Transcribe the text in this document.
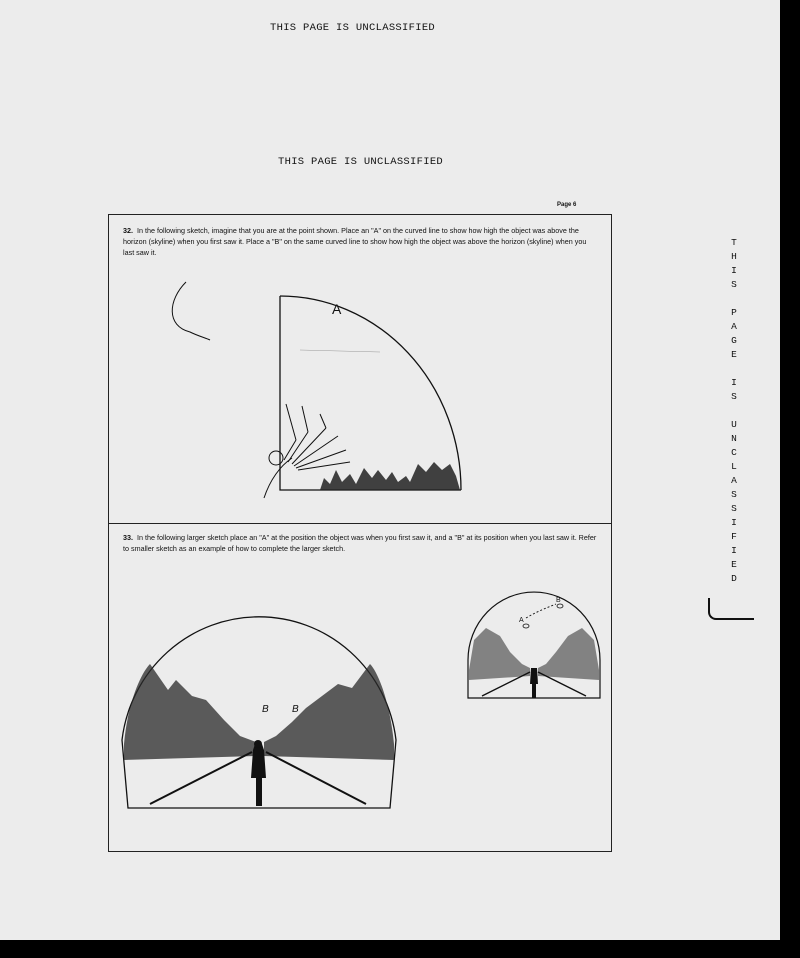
THIS PAGE IS UNCLASSIFIED
THIS PAGE IS UNCLASSIFIED
Page 6
32. In the following sketch, imagine that you are at the point shown. Place an "A" on the curved line to show how high the object was above the horizon (skyline) when you first saw it. Place a "B" on the same curved line to show how high the object was above the horizon (skyline) when you last saw it.
33. In the following larger sketch place an "A" at the position the object was when you first saw it, and a "B" at its position when you last saw it. Refer to smaller sketch as an example of how to complete the larger sketch.
T
H
I
S

P
A
G
E

I
S

U
N
C
L
A
S
S
I
F
I
E
D
A
B B
A
B
